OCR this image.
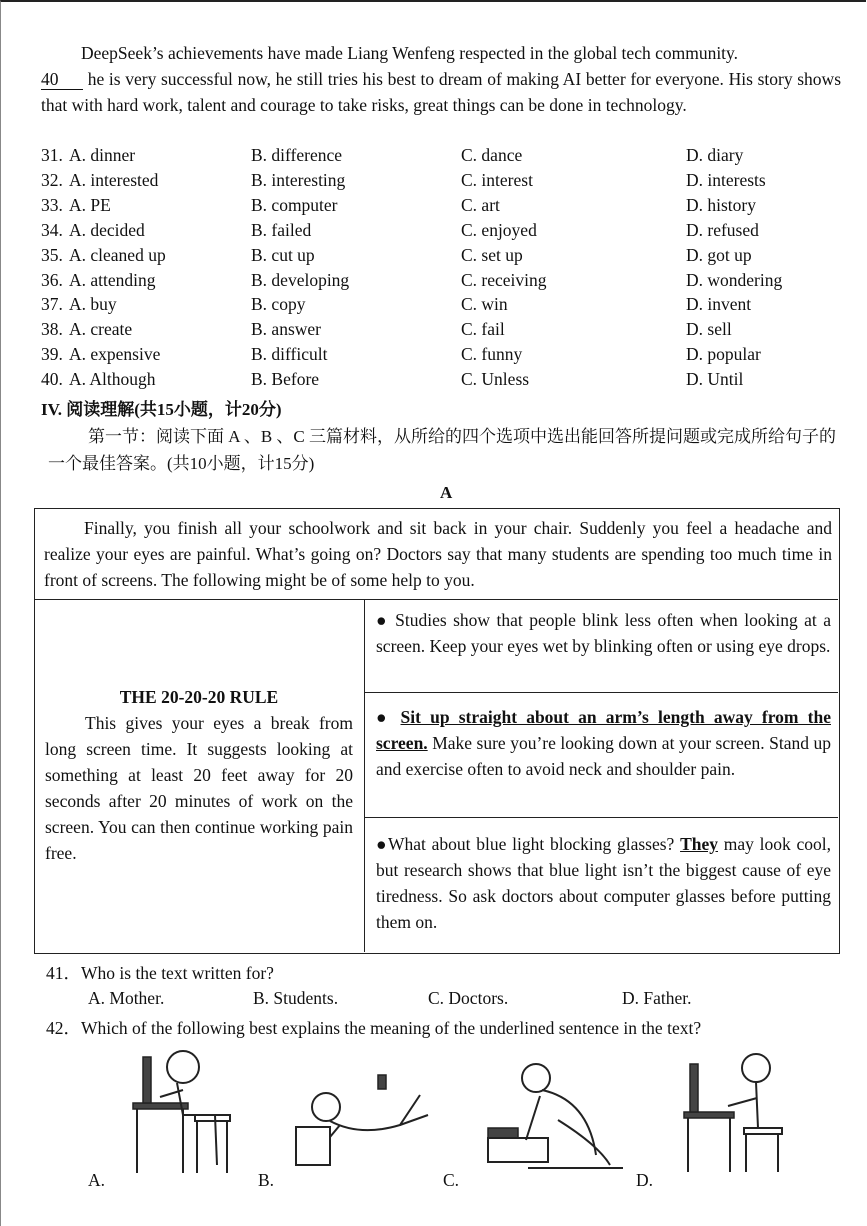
DeepSeek’s achievements have made Liang Wenfeng respected in the global tech community.
40 he is very successful now, he still tries his best to dream of making AI better for everyone. His story shows that with hard work, talent and courage to take risks, great things can be done in technology.
31. A. dinner	B. difference	C. dance	D. diary
32. A. interested	B. interesting	C. interest	D. interests
33. A. PE	B. computer	C. art	D. history
34. A. decided	B. failed	C. enjoyed	D. refused
35. A. cleaned up	B. cut up	C. set up	D. got up
36. A. attending	B. developing	C. receiving	D. wondering
37. A. buy	B. copy	C. win	D. invent
38. A. create	B. answer	C. fail	D. sell
39. A. expensive	B. difficult	C. funny	D. popular
40. A. Although	B. Before	C. Unless	D. Until
IV. 阅读理解(共15小题，计20分)
第一节：阅读下面 A 、B 、C 三篇材料，从所给的四个选项中选出能回答所提问题或完成所给句子的一个最佳答案。(共10小题，计15分)
A
Finally, you finish all your schoolwork and sit back in your chair. Suddenly you feel a headache and realize your eyes are painful. What’s going on? Doctors say that many students are spending too much time in front of screens. The following might be of some help to you.
THE 20-20-20 RULE
This gives your eyes a break from long screen time. It suggests looking at something at least 20 feet away for 20 seconds after 20 minutes of work on the screen. You can then continue working pain free.
● Studies show that people blink less often when looking at a screen. Keep your eyes wet by blinking often or using eye drops.
● Sit up straight about an arm’s length away from the screen. Make sure you’re looking down at your screen. Stand up and exercise often to avoid neck and shoulder pain.
●What about blue light blocking glasses? They may look cool, but research shows that blue light isn’t the biggest cause of eye tiredness. So ask doctors about computer glasses before putting them on.
41．Who is the text written for?
A. Mother.	B. Students.	C. Doctors.	D. Father.
42．Which of the following best explains the meaning of the underlined sentence in the text?
A.	B.	C.	D.
